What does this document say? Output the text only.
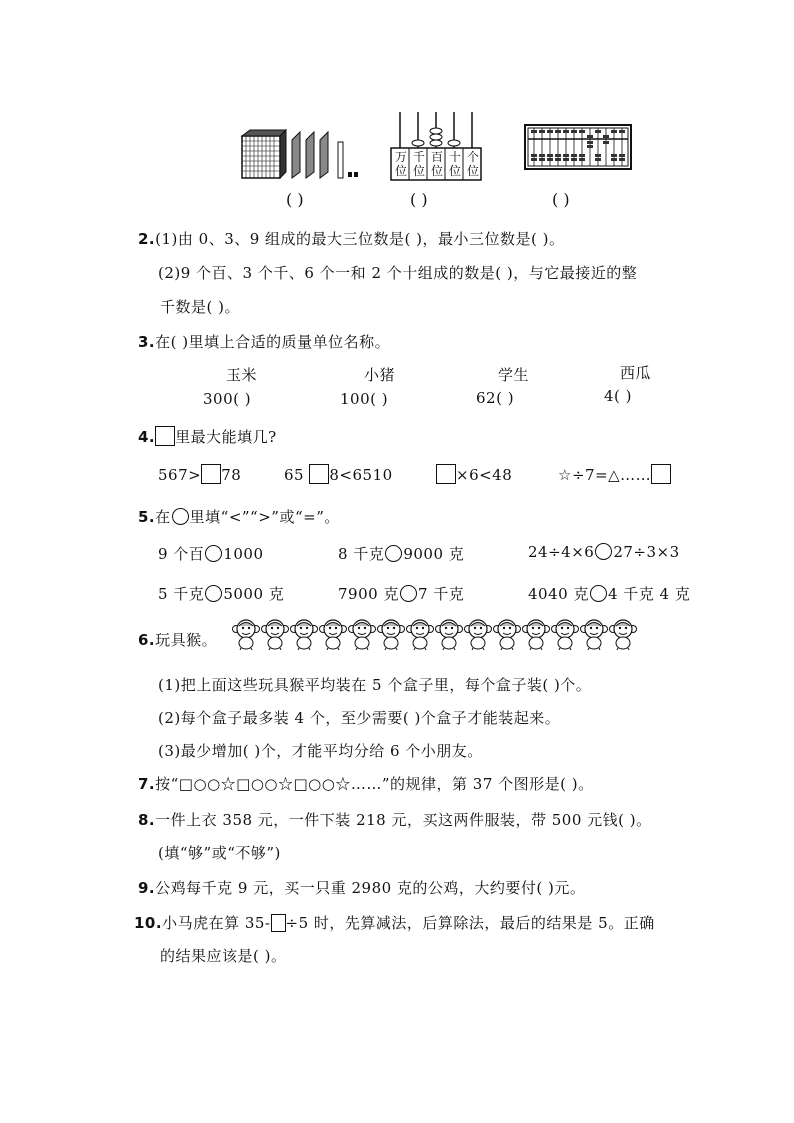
万
位
千
位
百
位
十
位
个
位
( )	( )	( )
2.(1)由 0、3、9 组成的最大三位数是( )，最小三位数是( )。
(2)9 个百、3 个千、6 个一和 2 个十组成的数是( )，与它最接近的整
千数是( )。
3.在( )里填上合适的质量单位名称。
玉米	小猪	学生	西瓜
300( )	100( )	62( )	4( )
4. 里最大能填几?
567> 78	65 8<6510	×6<48	☆÷7=△……
5.在 里填“<”“>”或“=”。
9 个百 1000	8 千克 9000 克	24÷4×6 27÷3×3
5 千克 5000 克	7900 克 7 千克	4040 克 4 千克 4 克
6.玩具猴。
(1)把上面这些玩具猴平均装在 5 个盒子里，每个盒子装( )个。
(2)每个盒子最多装 4 个，至少需要( )个盒子才能装起来。
(3)最少增加( )个，才能平均分给 6 个小朋友。
7.按“□○○☆□○○☆□○○☆……”的规律，第 37 个图形是( )。
8.一件上衣 358 元，一件下装 218 元，买这两件服装，带 500 元钱( )。
(填“够”或“不够”)
9.公鸡每千克 9 元，买一只重 2980 克的公鸡，大约要付( )元。
10.小马虎在算 35- ÷5 时，先算减法，后算除法，最后的结果是 5。正确
的结果应该是( )。
